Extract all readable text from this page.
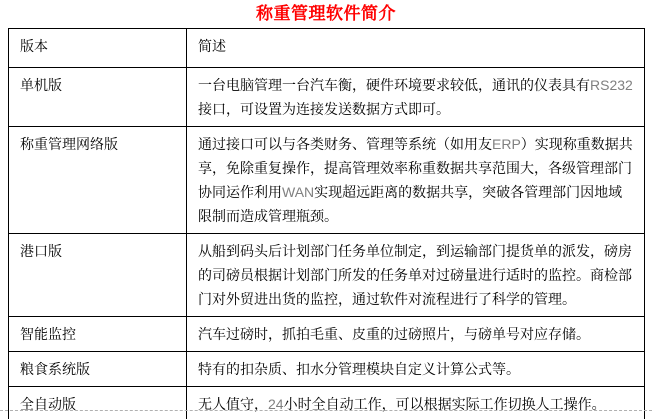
称重管理软件简介
版本	简述
单机版	一台电脑管理一台汽车衡，硬件环境要求较低，通讯的仪表具有RS232接口，可设置为连接发送数据方式即可。
称重管理网络版	通过接口可以与各类财务、管理等系统（如用友ERP）实现称重数据共享，免除重复操作，提高管理效率称重数据共享范围大，各级管理部门协同运作利用WAN实现超远距离的数据共享，突破各管理部门因地域限制而造成管理瓶颈。
港口版	从船到码头后计划部门任务单位制定，到运输部门提货单的派发，磅房的司磅员根据计划部门所发的任务单对过磅量进行适时的监控。商检部门对外贸进出货的监控，通过软件对流程进行了科学的管理。
智能监控	汽车过磅时，抓拍毛重、皮重的过磅照片，与磅单号对应存储。
粮食系统版	特有的扣杂质、扣水分管理模块自定义计算公式等。
全自动版	无人值守，24小时全自动工作，可以根据实际工作切换人工操作。
